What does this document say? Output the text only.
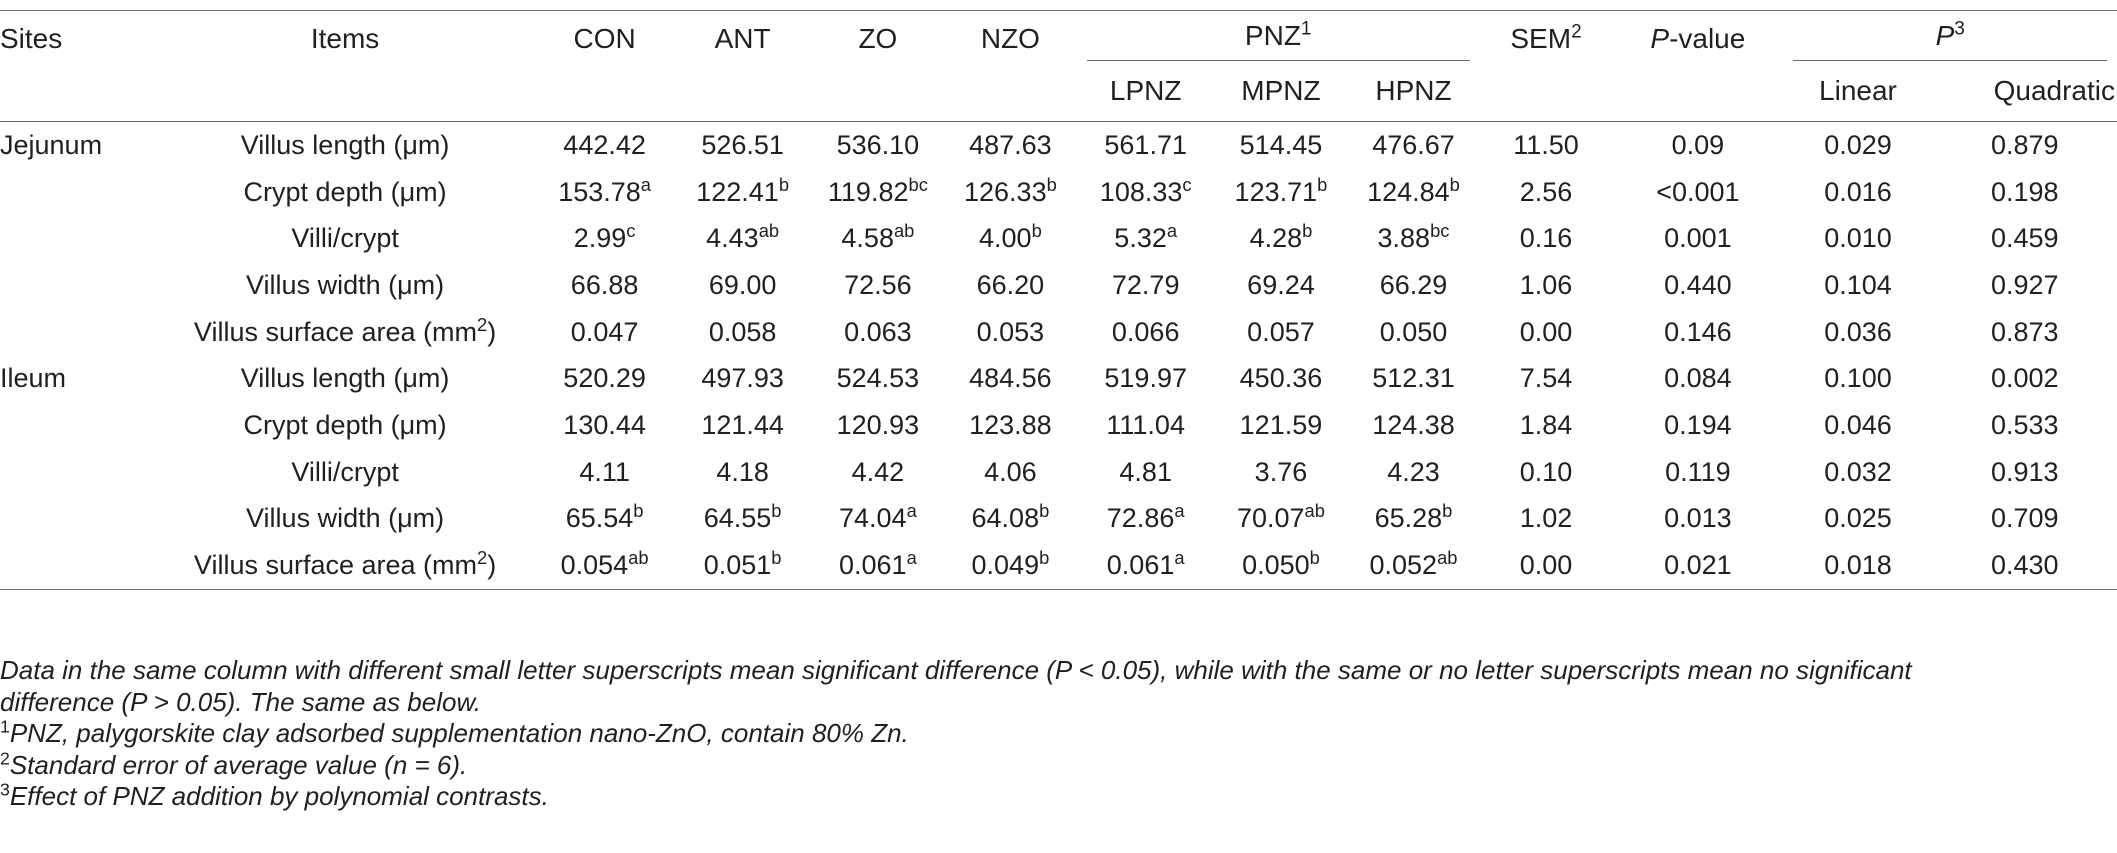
Sites	Items	CON	ANT	ZO	NZO	PNZ$^1$			SEM$^2$	P-value	$P^3$

						LPNZ	MPNZ	HPNZ			Linear	Quadratic
Jejunum	Villus length (μm)	442.42	526.51	536.10	487.63	561.71	514.45	476.67	11.50	0.09	0.029	0.879
	Crypt depth (μm)	153.78$^a$	122.41$^b$	119.82$^{bc}$	126.33$^b$	108.33$^c$	123.71$^b$	124.84$^b$	2.56	<0.001	0.016	0.198
	Villi/crypt	2.99$^c$	4.43$^{ab}$	4.58$^{ab}$	4.00$^b$	5.32$^a$	4.28$^b$	3.88$^{bc}$	0.16	0.001	0.010	0.459
	Villus width (μm)	66.88	69.00	72.56	66.20	72.79	69.24	66.29	1.06	0.440	0.104	0.927
	Villus surface area $(mm^2)$	0.047	0.058	0.063	0.053	0.066	0.057	0.050	0.00	0.146	0.036	0.873
Ileum	Villus length (μm)	520.29	497.93	524.53	484.56	519.97	450.36	512.31	7.54	0.084	0.100	0.002
	Crypt depth (μm)	130.44	121.44	120.93	123.88	111.04	121.59	124.38	1.84	0.194	0.046	0.533
	Villi/crypt	4.11	4.18	4.42	4.06	4.81	3.76	4.23	0.10	0.119	0.032	0.913
	Villus width (μm)	65.54$^b$	64.55$^b$	74.04$^a$	64.08$^b$	72.86$^a$	70.07$^{ab}$	65.28$^b$	1.02	0.013	0.025	0.709
	Villus surface area $(mm^2)$	0.054$^{ab}$	0.051$^b$	0.061$^a$	0.049$^b$	0.061$^a$	0.050$^b$	0.052$^{ab}$	0.00	0.021	0.018	0.430

Data in the same column with different small letter superscripts mean significant difference (P < 0.05), while with the same or no letter superscripts mean no significant
difference (P > 0.05). The same as below.

$^1$PNZ, palygorskite clay adsorbed supplementation nano-ZnO, contain 80% Zn.

$^2$Standard error of average value (n = 6).

$^3$Effect of PNZ addition by polynomial contrasts.
